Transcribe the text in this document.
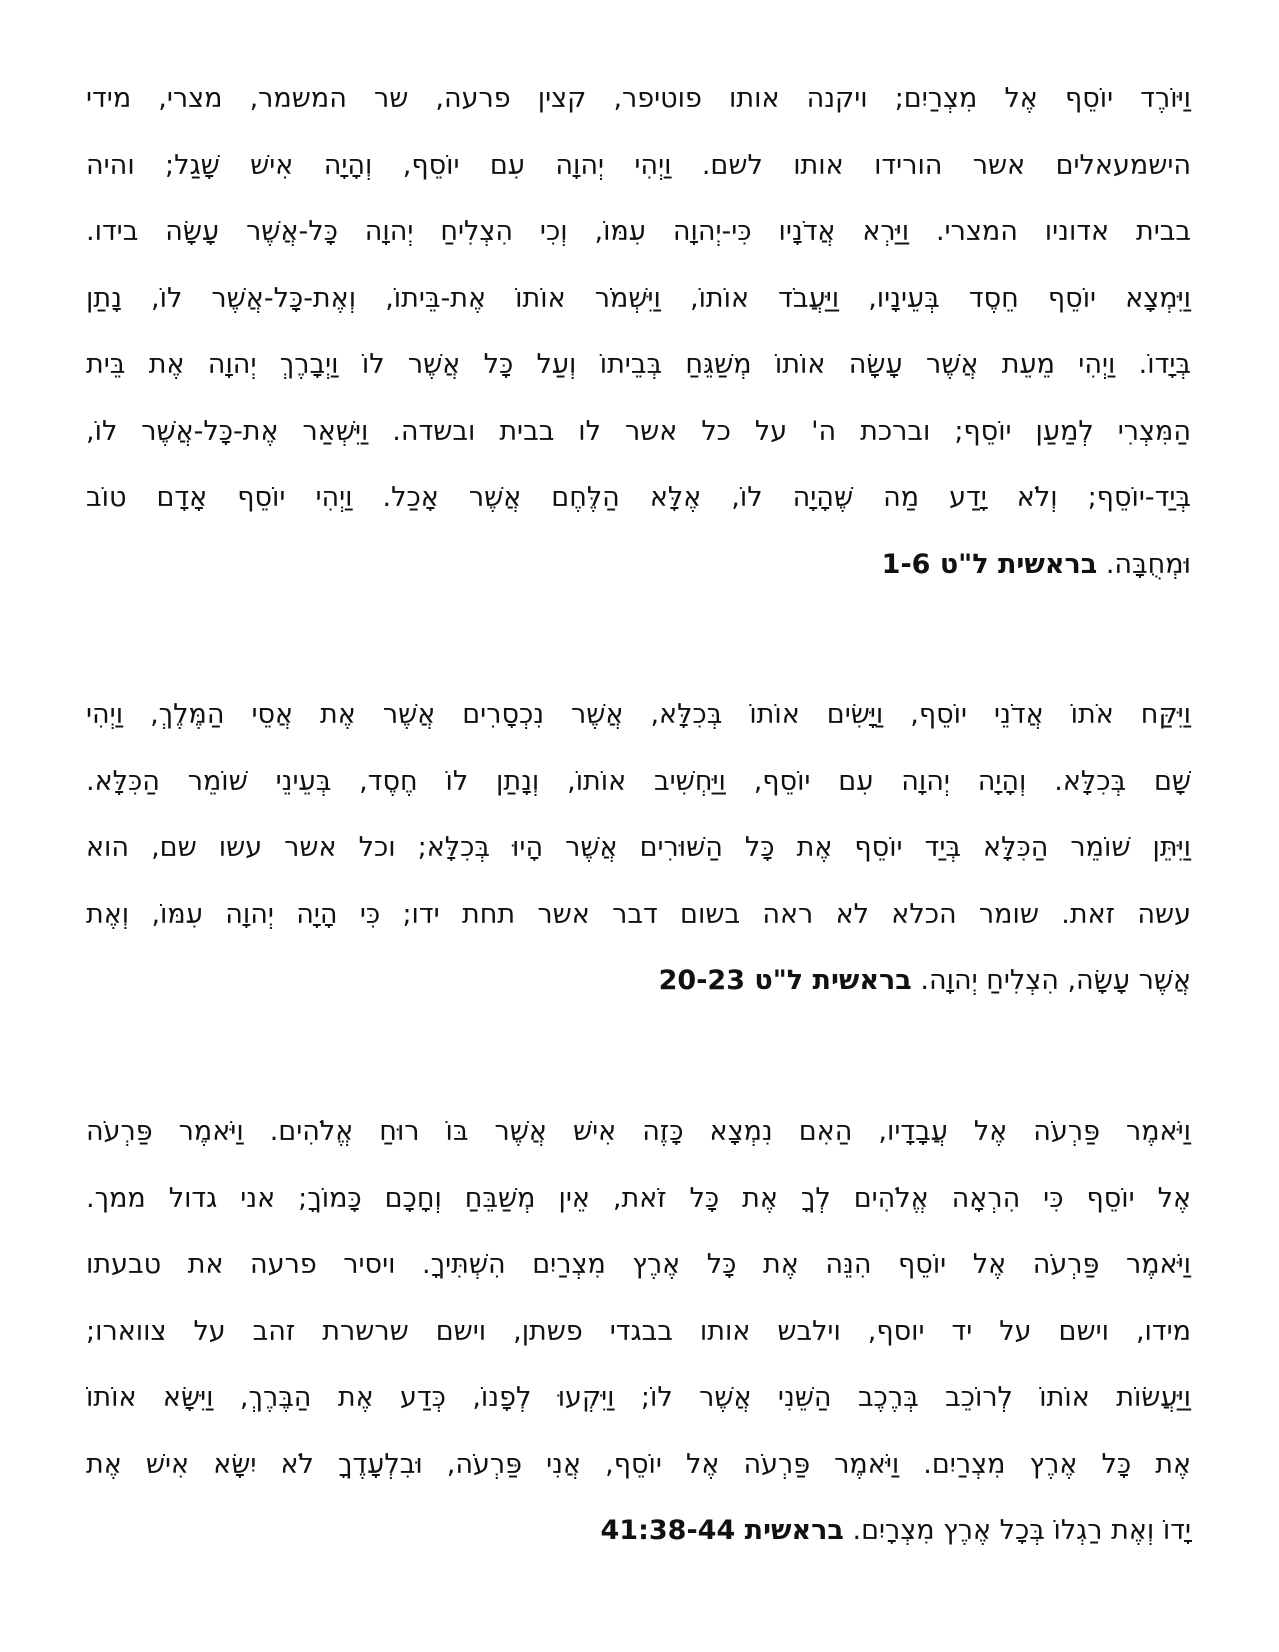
וַיּוֹרֶד יוֹסֵף אֶל מִצְרַיִם; ויקנה אותו פוטיפר, קצין פרעה, שר המשמר, מצרי, מידי
הישמעאלים אשר הורידו אותו לשם. וַיְהִי יְהוָה עִם יוֹסֵף, וְהָיָה אִישׁ שָׁגַל; והיה
בבית אדוניו המצרי. וַיַּרְא אֲדֹנָיו כִּי-יְהוָה עִמּוֹ, וְכִי הִצְלִיחַ יְהוָה כָּל-אֲשֶׁר עָשָׂה בידו.
וַיִּמְצָא יוֹסֵף חֵסֶד בְּעֵינָיו, וַיַּעֲבֹד אוֹתוֹ, וַיִּשְׁמֹר אוֹתוֹ אֶת-בֵּיתוֹ, וְאֶת-כָּל-אֲשֶׁר לוֹ, נָתַן
בְּיָדוֹ. וַיְהִי מֵעֵת אֲשֶׁר עָשָׂה אוֹתוֹ מְשַׁגֵּחַ בְּבֵיתוֹ וְעַל כָּל אֲשֶׁר לוֹ וַיְבָרֶךְ יְהוָה אֶת בֵּית
הַמִּצְרִי לְמַעַן יוֹסֵף; וברכת ה' על כל אשר לו בבית ובשדה. וַיִּשְׁאַר אֶת-כָּל-אֲשֶׁר לוֹ,
בְּיַד-יוֹסֵף; וְלֹא יָדַע מַה שֶּׁהָיָה לוֹ, אֶלָּא הַלֶּחֶם אֲשֶׁר אָכַל. וַיְהִי יוֹסֵף אָדָם טוֹב
וּמְחֻבָּה. בראשית ל"ט 1-6
וַיִּקַּח אֹתוֹ אֲדֹנֵי יוֹסֵף, וַיָּשִׂים אוֹתוֹ בְּכִלָּא, אֲשֶׁר נִכְסָרִים אֲשֶׁר אֶת אֲסֵי הַמֶּלֶךְ, וַיְהִי
שָׁם בְּכִלָּא. וְהָיָה יְהוָה עִם יוֹסֵף, וַיַּחְשִׁיב אוֹתוֹ, וְנָתַן לוֹ חֶסֶד, בְּעֵינֵי שׁוֹמֵר הַכִּלָּא.
וַיִּתֵּן שׁוֹמֵר הַכִּלָּא בְּיַד יוֹסֵף אֶת כָּל הַשּׁוּרִים אֲשֶׁר הָיוּ בְּכִלָּא; וכל אשר עשו שם, הוא
עשה זאת. שומר הכלא לא ראה בשום דבר אשר תחת ידו; כִּי הָיָה יְהוָה עִמּוֹ, וְאֶת
אֲשֶׁר עָשָׂה, הִצְלִיחַ יְהוָה. בראשית ל"ט 20-23
וַיֹּאמֶר פַּרְעֹה אֶל עֲבָדָיו, הַאִם נִמְצָא כָּזֶה אִישׁ אֲשֶׁר בּוֹ רוּחַ אֱלֹהִים. וַיֹּאמֶר פַּרְעֹה
אֶל יוֹסֵף כִּי הִרְאָה אֱלֹהִים לְךָ אֶת כָּל זֹאת, אֵין מְשַׁבֵּחַ וְחָכָם כָּמוֹךָ; אני גדול ממך.
וַיֹּאמֶר פַּרְעֹה אֶל יוֹסֵף הִנֵּה אֶת כָּל אֶרֶץ מִצְרַיִם הִשְׁתִּיךָ. ויסיר פרעה את טבעתו
מידו, וישם על יד יוסף, וילבש אותו בבגדי פשתן, וישם שרשרת זהב על צווארו;
וַיַּעֲשׂוֹת אוֹתוֹ לְרוֹכֵב בְּרֶכֶב הַשֵּׁנִי אֲשֶׁר לוֹ; וַיִּקְעוּ לְפָנוֹ, כְּדַע אֶת הַבֶּרֶךְ, וַיִּשָּׂא אוֹתוֹ
אֶת כָּל אֶרֶץ מִצְרַיִם. וַיֹּאמֶר פַּרְעֹה אֶל יוֹסֵף, אֲנִי פַּרְעֹה, וּבִלְעָדֶךָ לֹא יִשָּׂא אִישׁ אֶת
יָדוֹ וְאֶת רַגְלוֹ בְּכָל אֶרֶץ מִצְרָיִם. בראשית 41:38-44
